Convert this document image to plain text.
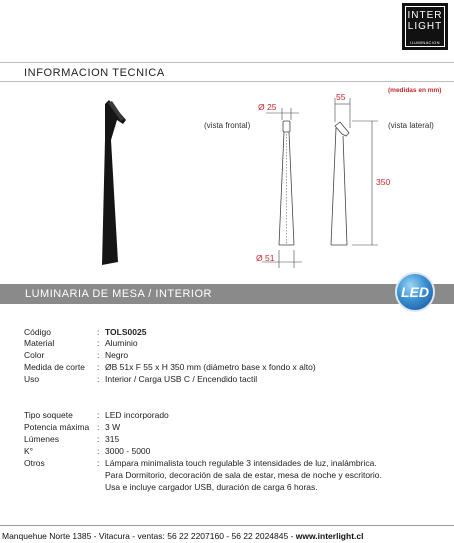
INTER
LIGHT
ILUMINACION
INFORMACION TECNICA
(medidas en mm)
Ø 25
55
350
Ø 51
(vista frontal)	(vista lateral)
LUMINARIA DE MESA / INTERIOR	LED
Código	: TOLS0025
Material	: Aluminio
Color	: Negro
Medida de corte : ØB 51x F 55 x H 350 mm (diámetro base x fondo x alto)
Uso	: Interior / Carga USB C / Encendido tactil
Tipo soquete	: LED incorporado
Potencia máxima : 3 W
Lúmenes	: 315
K°	: 3000 - 5000
Otros	: Lámpara minimalista touch regulable 3 intensidades de luz, inalámbrica.
Para Dormitorio, decoración de sala de estar, mesa de noche y escritorio.
Usa e incluye cargador USB, duración de carga 6 horas.
Manquehue Norte 1385 - Vitacura - ventas: 56 22 2207160 - 56 22 2024845 - www.interlight.cl
